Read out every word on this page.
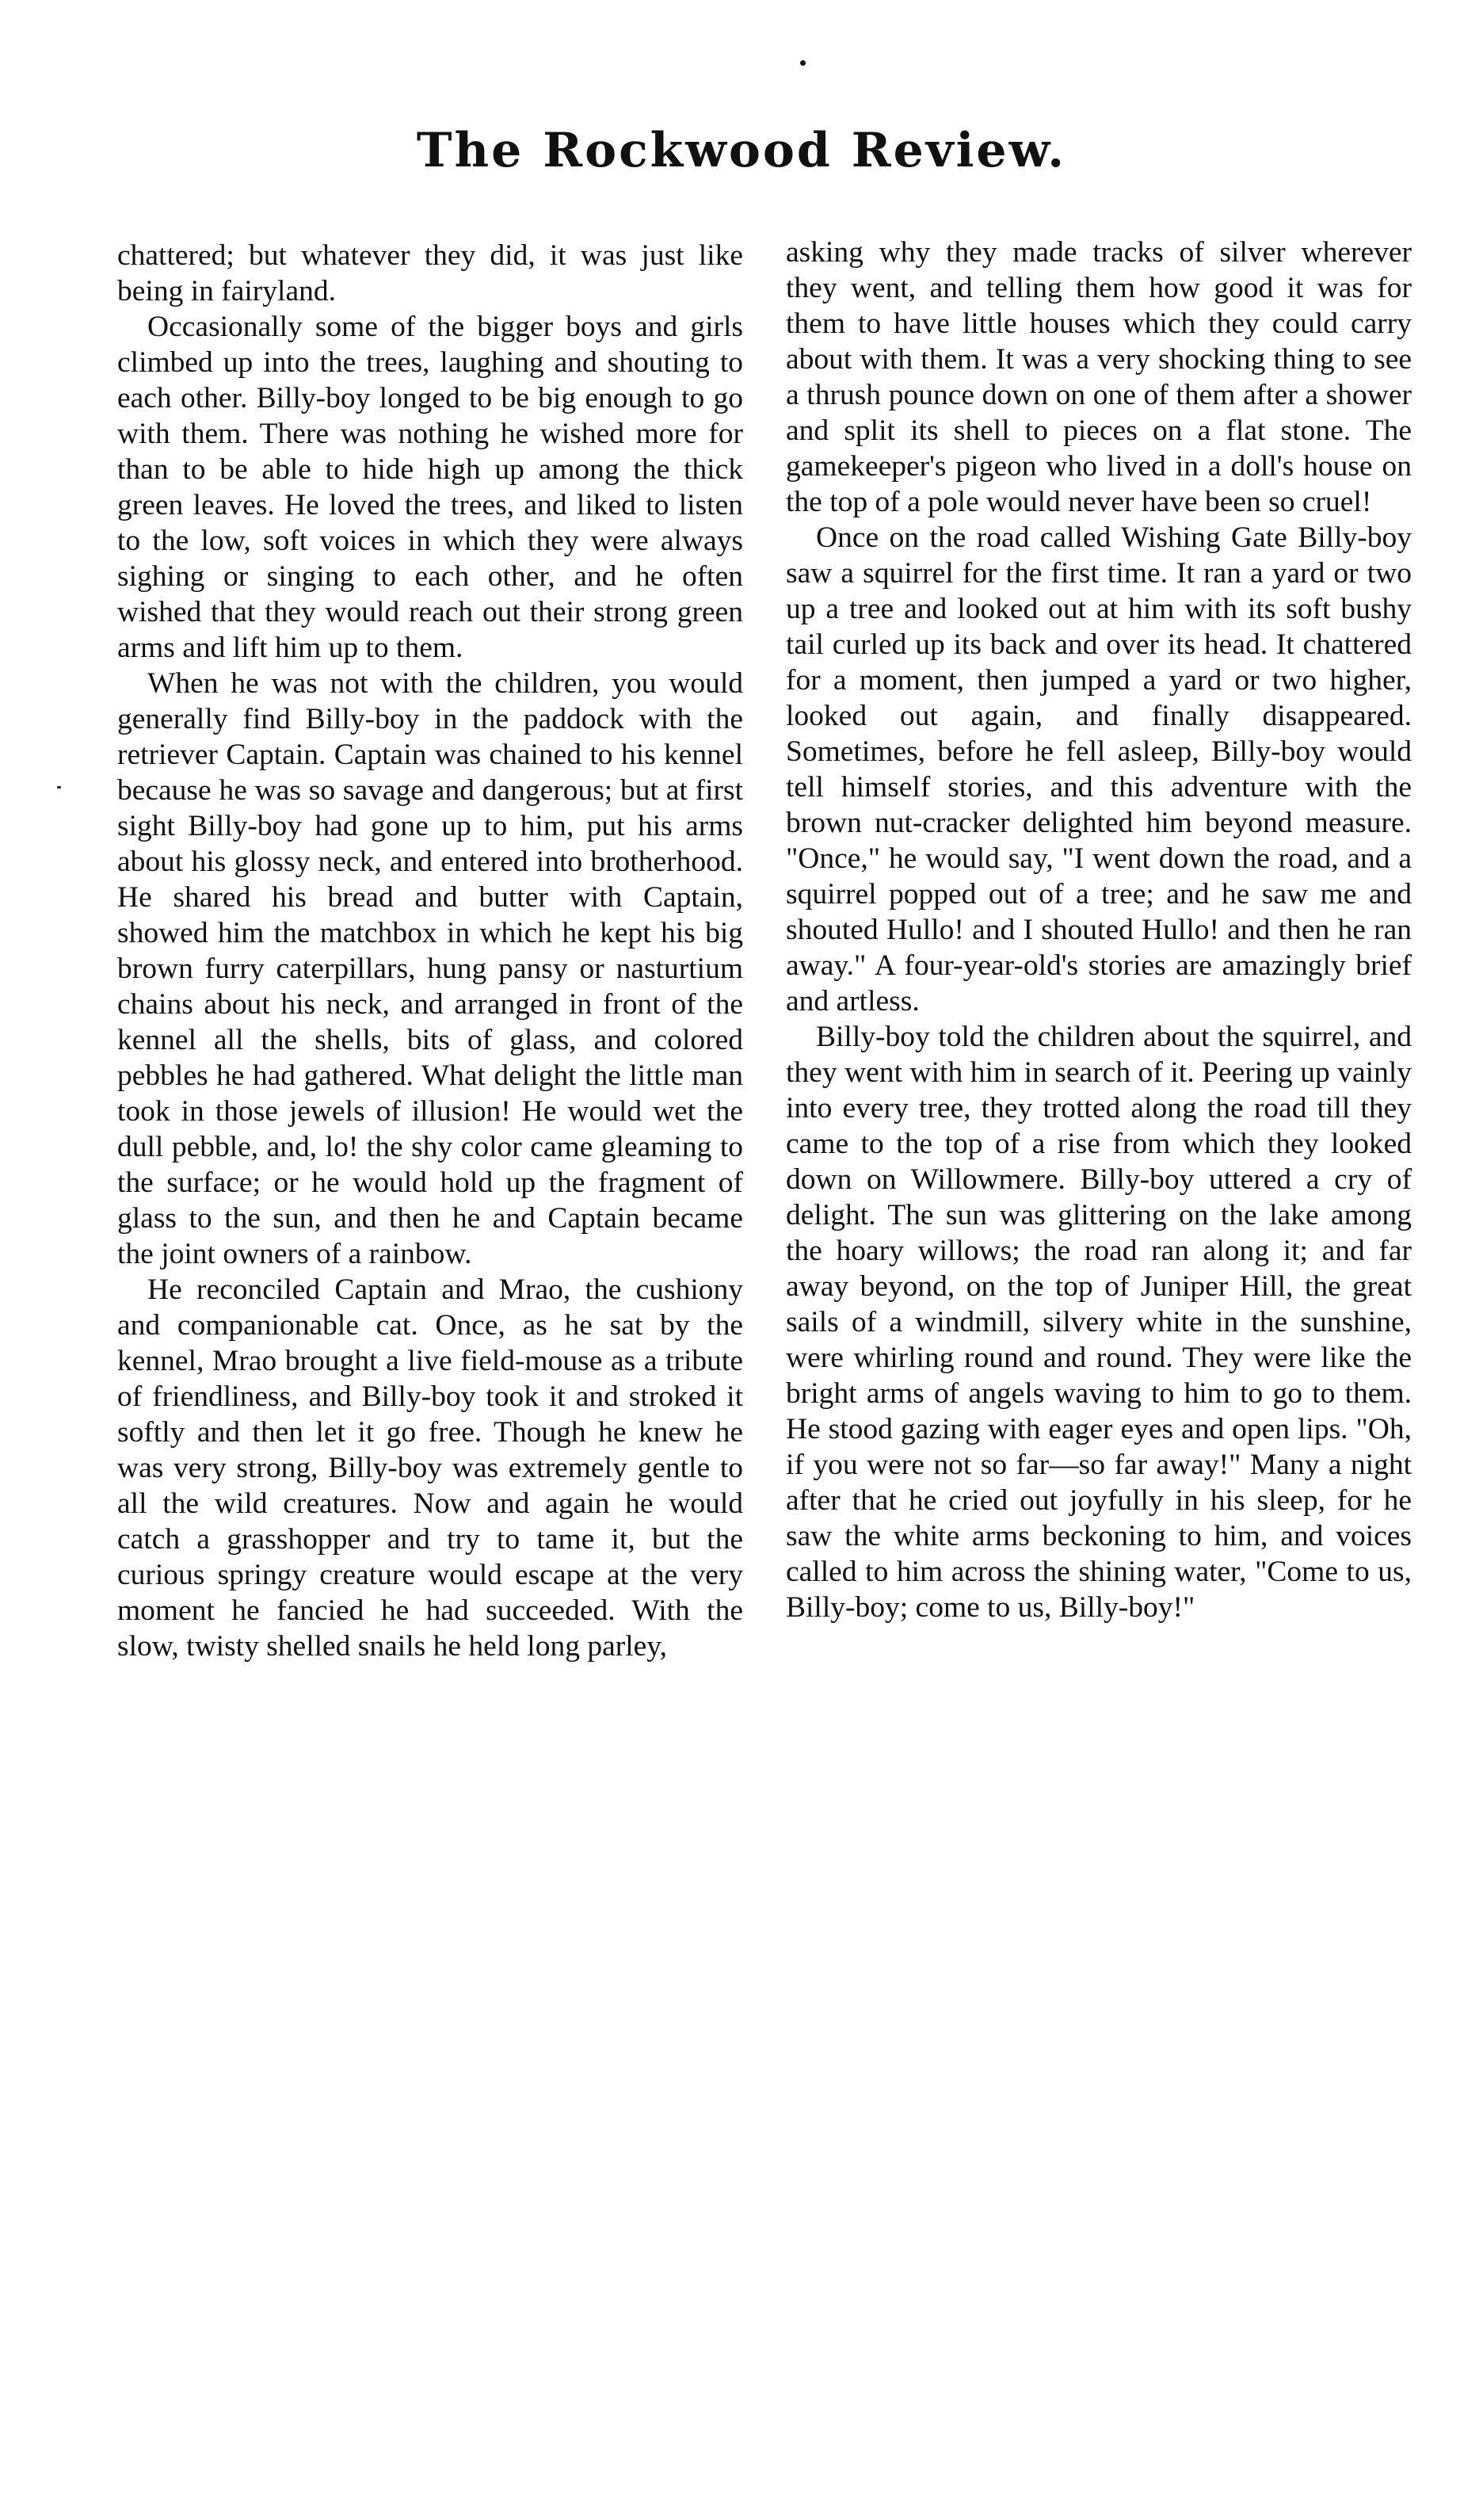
The Rockwood Review.

chattered; but whatever they did, it was just like being in fairyland.

Occasionally some of the bigger boys and girls climbed up into the trees, laughing and shouting to each other. Billy-boy longed to be big enough to go with them. There was nothing he wished more for than to be able to hide high up among the thick green leaves. He loved the trees, and liked to listen to the low, soft voices in which they were always sighing or singing to each other, and he often wished that they would reach out their strong green arms and lift him up to them.

When he was not with the children, you would generally find Billy-boy in the paddock with the retriever Captain. Captain was chained to his kennel because he was so savage and dangerous; but at first sight Billy-boy had gone up to him, put his arms about his glossy neck, and entered into brotherhood. He shared his bread and butter with Captain, showed him the matchbox in which he kept his big brown furry caterpillars, hung pansy or nasturtium chains about his neck, and arranged in front of the kennel all the shells, bits of glass, and colored pebbles he had gathered. What delight the little man took in those jewels of illusion! He would wet the dull pebble, and, lo! the shy color came gleaming to the surface; or he would hold up the fragment of glass to the sun, and then he and Captain became the joint owners of a rainbow.

He reconciled Captain and Mrao, the cushiony and companionable cat. Once, as he sat by the kennel, Mrao brought a live field-mouse as a tribute of friendliness, and Billy-boy took it and stroked it softly and then let it go free. Though he knew he was very strong, Billy-boy was extremely gentle to all the wild creatures. Now and again he would catch a grasshopper and try to tame it, but the curious springy creature would escape at the very moment he fancied he had succeeded. With the slow, twisty shelled snails he held long parley,

asking why they made tracks of silver wherever they went, and telling them how good it was for them to have little houses which they could carry about with them. It was a very shocking thing to see a thrush pounce down on one of them after a shower and split its shell to pieces on a flat stone. The gamekeeper's pigeon who lived in a doll's house on the top of a pole would never have been so cruel!

Once on the road called Wishing Gate Billy-boy saw a squirrel for the first time. It ran a yard or two up a tree and looked out at him with its soft bushy tail curled up its back and over its head. It chattered for a moment, then jumped a yard or two higher, looked out again, and finally disappeared. Sometimes, before he fell asleep, Billy-boy would tell himself stories, and this adventure with the brown nut-cracker delighted him beyond measure. "Once," he would say, "I went down the road, and a squirrel popped out of a tree; and he saw me and shouted Hullo! and I shouted Hullo! and then he ran away." A four-year-old's stories are amazingly brief and artless.

Billy-boy told the children about the squirrel, and they went with him in search of it. Peering up vainly into every tree, they trotted along the road till they came to the top of a rise from which they looked down on Willowmere. Billy-boy uttered a cry of delight. The sun was glittering on the lake among the hoary willows; the road ran along it; and far away beyond, on the top of Juniper Hill, the great sails of a windmill, silvery white in the sunshine, were whirling round and round. They were like the bright arms of angels waving to him to go to them. He stood gazing with eager eyes and open lips. "Oh, if you were not so far—so far away!" Many a night after that he cried out joyfully in his sleep, for he saw the white arms beckoning to him, and voices called to him across the shining water, "Come to us, Billy-boy; come to us, Billy-boy!"
